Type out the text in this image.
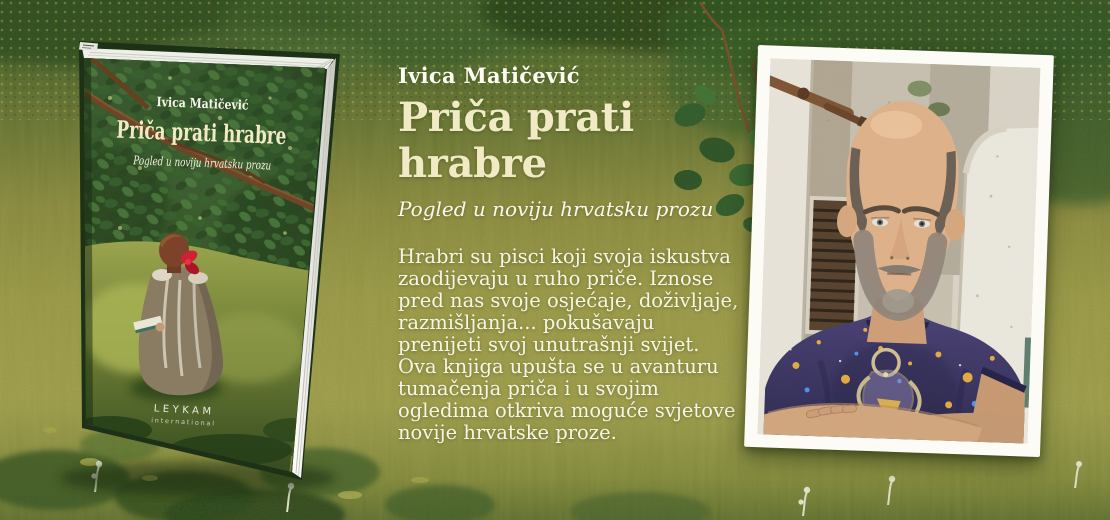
Ivica Matičević
Priča prati hrabre
Pogled u noviju hrvatsku prozu
LEYKAM
international
Ivica Matičević
Priča prati
hrabre
Pogled u noviju hrvatsku prozu
Hrabri su pisci koji svoja iskustva
zaodijevaju u ruho priče. Iznose
pred nas svoje osjećaje, doživljaje,
razmišljanja... pokušavaju
prenijeti svoj unutrašnji svijet.
Ova knjiga upušta se u avanturu
tumačenja priča i u svojim
ogledima otkriva moguće svjetove
novije hrvatske proze.
